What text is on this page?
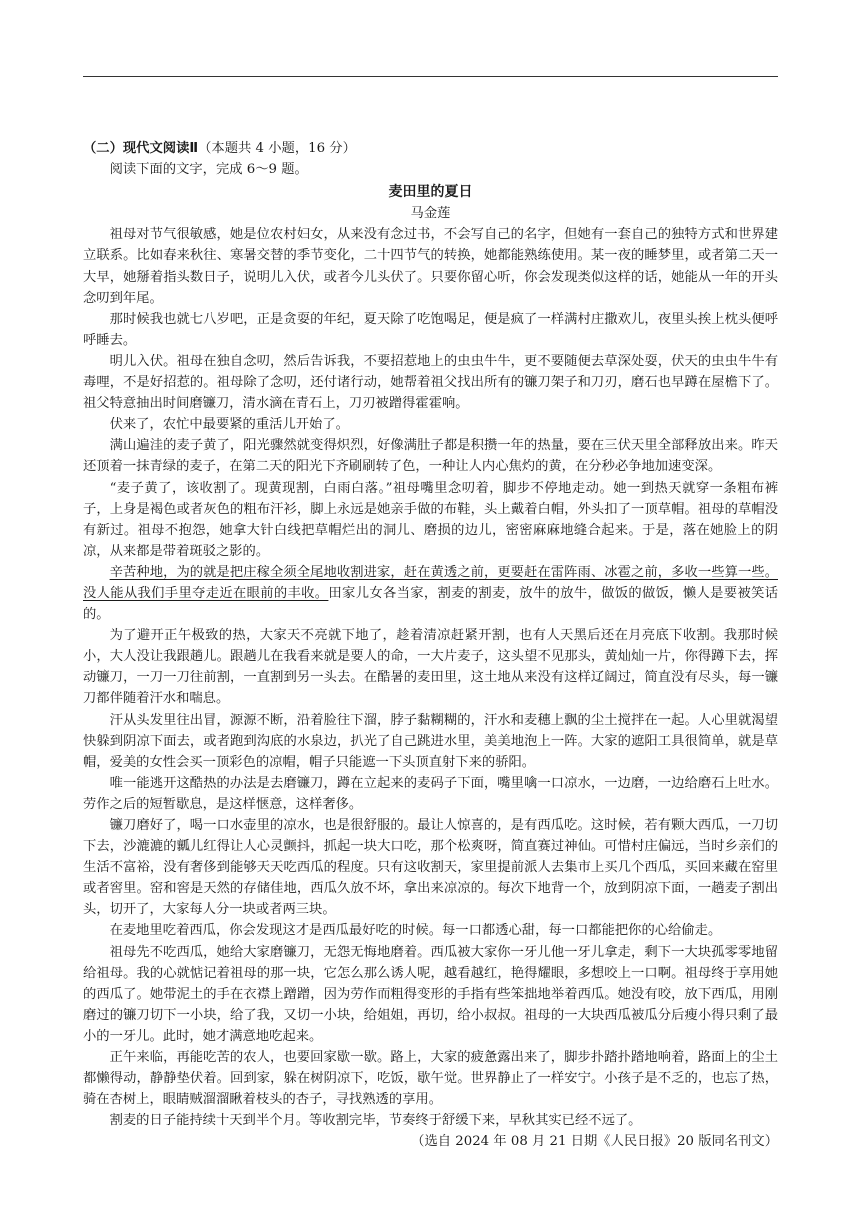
（二）现代文阅读Ⅱ（本题共 4 小题，16 分）

阅读下面的文字，完成 6～9 题。

麦田里的夏日

马金莲

祖母对节气很敏感，她是位农村妇女，从来没有念过书，不会写自己的名字，但她有一套自己的独特方式和世界建立联系。比如春来秋往、寒暑交替的季节变化，二十四节气的转换，她都能熟练使用。某一夜的睡梦里，或者第二天一大早，她掰着指头数日子，说明儿入伏，或者今儿头伏了。只要你留心听，你会发现类似这样的话，她能从一年的开头念叨到年尾。

那时候我也就七八岁吧，正是贪耍的年纪，夏天除了吃饱喝足，便是疯了一样满村庄撒欢儿，夜里头挨上枕头便呼呼睡去。

明儿入伏。祖母在独自念叨，然后告诉我，不要招惹地上的虫虫牛牛，更不要随便去草深处耍，伏天的虫虫牛牛有毒哩，不是好招惹的。祖母除了念叨，还付诸行动，她帮着祖父找出所有的镰刀架子和刀刃，磨石也早蹲在屋檐下了。祖父特意抽出时间磨镰刀，清水滴在青石上，刀刃被蹭得霍霍响。

伏来了，农忙中最要紧的重活儿开始了。

满山遍洼的麦子黄了，阳光骤然就变得炽烈，好像满肚子都是积攒一年的热量，要在三伏天里全部释放出来。昨天还顶着一抹青绿的麦子，在第二天的阳光下齐刷刷转了色，一种让人内心焦灼的黄，在分秒必争地加速变深。

“麦子黄了，该收割了。现黄现割，白雨白落。”祖母嘴里念叨着，脚步不停地走动。她一到热天就穿一条粗布裤子，上身是褐色或者灰色的粗布汗衫，脚上永远是她亲手做的布鞋，头上戴着白帽，外头扣了一顶草帽。祖母的草帽没有新过。祖母不抱怨，她拿大针白线把草帽烂出的洞儿、磨损的边儿，密密麻麻地缝合起来。于是，落在她脸上的阴凉，从来都是带着斑驳之影的。

辛苦种地，为的就是把庄稼全须全尾地收割进家，赶在黄透之前，更要赶在雷阵雨、冰雹之前，多收一些算一些。没人能从我们手里夺走近在眼前的丰收。田家儿女各当家，割麦的割麦，放牛的放牛，做饭的做饭，懒人是要被笑话的。

为了避开正午极致的热，大家天不亮就下地了，趁着清凉赶紧开割，也有人天黑后还在月亮底下收割。我那时候小，大人没让我跟趟儿。跟趟儿在我看来就是要人的命，一大片麦子，这头望不见那头，黄灿灿一片，你得蹲下去，挥动镰刀，一刀一刀往前割，一直割到另一头去。在酷暑的麦田里，这土地从来没有这样辽阔过，简直没有尽头，每一镰刀都伴随着汗水和喘息。

汗从头发里往出冒，源源不断，沿着脸往下溜，脖子黏糊糊的，汗水和麦穗上飘的尘土搅拌在一起。人心里就渴望快躲到阴凉下面去，或者跑到沟底的水泉边，扒光了自己跳进水里，美美地泡上一阵。大家的遮阳工具很简单，就是草帽，爱美的女性会买一顶彩色的凉帽，帽子只能遮一下头顶直射下来的骄阳。

唯一能逃开这酷热的办法是去磨镰刀，蹲在立起来的麦码子下面，嘴里噙一口凉水，一边磨，一边给磨石上吐水。劳作之后的短暂歇息，是这样惬意，这样奢侈。

镰刀磨好了，喝一口水壶里的凉水，也是很舒服的。最让人惊喜的，是有西瓜吃。这时候，若有颗大西瓜，一刀切下去，沙漉漉的瓤儿红得让人心灵颤抖，抓起一块大口吃，那个松爽呀，简直赛过神仙。可惜村庄偏远，当时乡亲们的生活不富裕，没有奢侈到能够天天吃西瓜的程度。只有这收割天，家里提前派人去集市上买几个西瓜，买回来藏在窑里或者窖里。窑和窖是天然的存储佳地，西瓜久放不坏，拿出来凉凉的。每次下地背一个，放到阴凉下面，一趟麦子割出头，切开了，大家每人分一块或者两三块。

在麦地里吃着西瓜，你会发现这才是西瓜最好吃的时候。每一口都透心甜，每一口都能把你的心给偷走。

祖母先不吃西瓜，她给大家磨镰刀，无怨无悔地磨着。西瓜被大家你一牙儿他一牙儿拿走，剩下一大块孤零零地留给祖母。我的心就惦记着祖母的那一块，它怎么那么诱人呢，越看越红，艳得耀眼，多想咬上一口啊。祖母终于享用她的西瓜了。她带泥土的手在衣襟上蹭蹭，因为劳作而粗得变形的手指有些笨拙地举着西瓜。她没有咬，放下西瓜，用刚磨过的镰刀切下一小块，给了我，又切一小块，给姐姐，再切，给小叔叔。祖母的一大块西瓜被瓜分后瘦小得只剩了最小的一牙儿。此时，她才满意地吃起来。

正午来临，再能吃苦的农人，也要回家歇一歇。路上，大家的疲惫露出来了，脚步扑踏扑踏地响着，路面上的尘土都懒得动，静静垫伏着。回到家，躲在树阴凉下，吃饭，歇午觉。世界静止了一样安宁。小孩子是不乏的，也忘了热，骑在杏树上，眼睛贼溜溜瞅着枝头的杏子，寻找熟透的享用。

割麦的日子能持续十天到半个月。等收割完毕，节奏终于舒缓下来，早秋其实已经不远了。

（选自 2024 年 08 月 21 日期《人民日报》20 版同名刊文）
